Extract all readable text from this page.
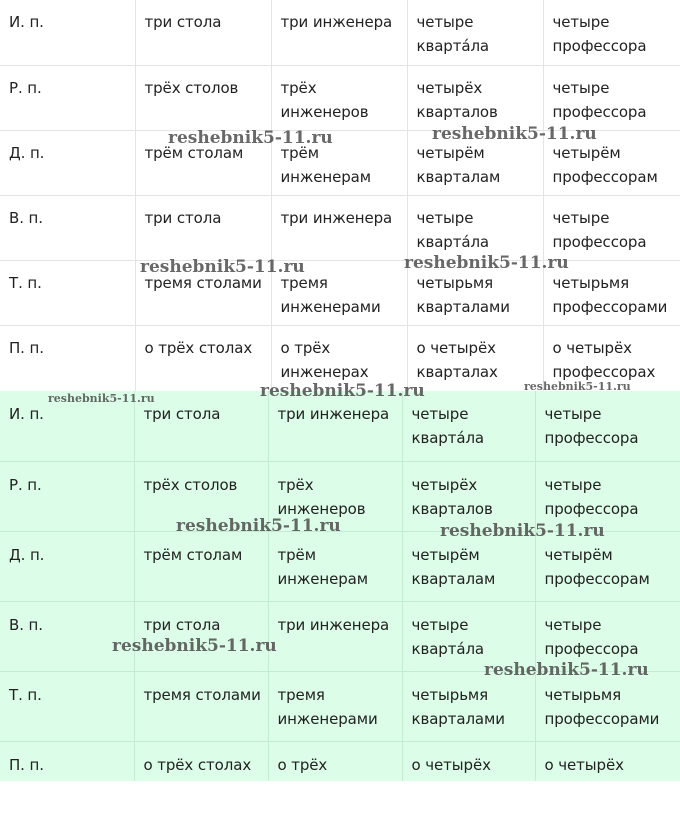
И. п.	три стола	три инженера	четыре кварта́ла	четыре профессора
Р. п.	трёх столов	трёх инженеров	четырёх кварталов	четыре профессора
Д. п.	трём столам	трём инженерам	четырём кварталам	четырём профессорам
В. п.	три стола	три инженера	четыре кварта́ла	четыре профессора
Т. п.	тремя столами	тремя инженерами	четырьмя кварталами	четырьмя профессорами
П. п.	о трёх столах	о трёх инженерах	о четырёх кварталах	о четырёх профессорах
И. п.	три стола	три инженера	четыре кварта́ла	четыре профессора
Р. п.	трёх столов	трёх инженеров	четырёх кварталов	четыре профессора
Д. п.	трём столам	трём инженерам	четырём кварталам	четырём профессорам
В. п.	три стола	три инженера	четыре кварта́ла	четыре профессора
Т. п.	тремя столами	тремя инженерами	четырьмя кварталами	четырьмя профессорами
П. п.	о трёх столах	о трёх	о четырёх	о четырёх
reshebnik5-11.ru	reshebnik5-11.ru
reshebnik5-11.ru	reshebnik5-11.ru
reshebnik5-11.ru	reshebnik5-11.ru	reshebnik5-11.ru
reshebnik5-11.ru	reshebnik5-11.ru
reshebnik5-11.ru
reshebnik5-11.ru
